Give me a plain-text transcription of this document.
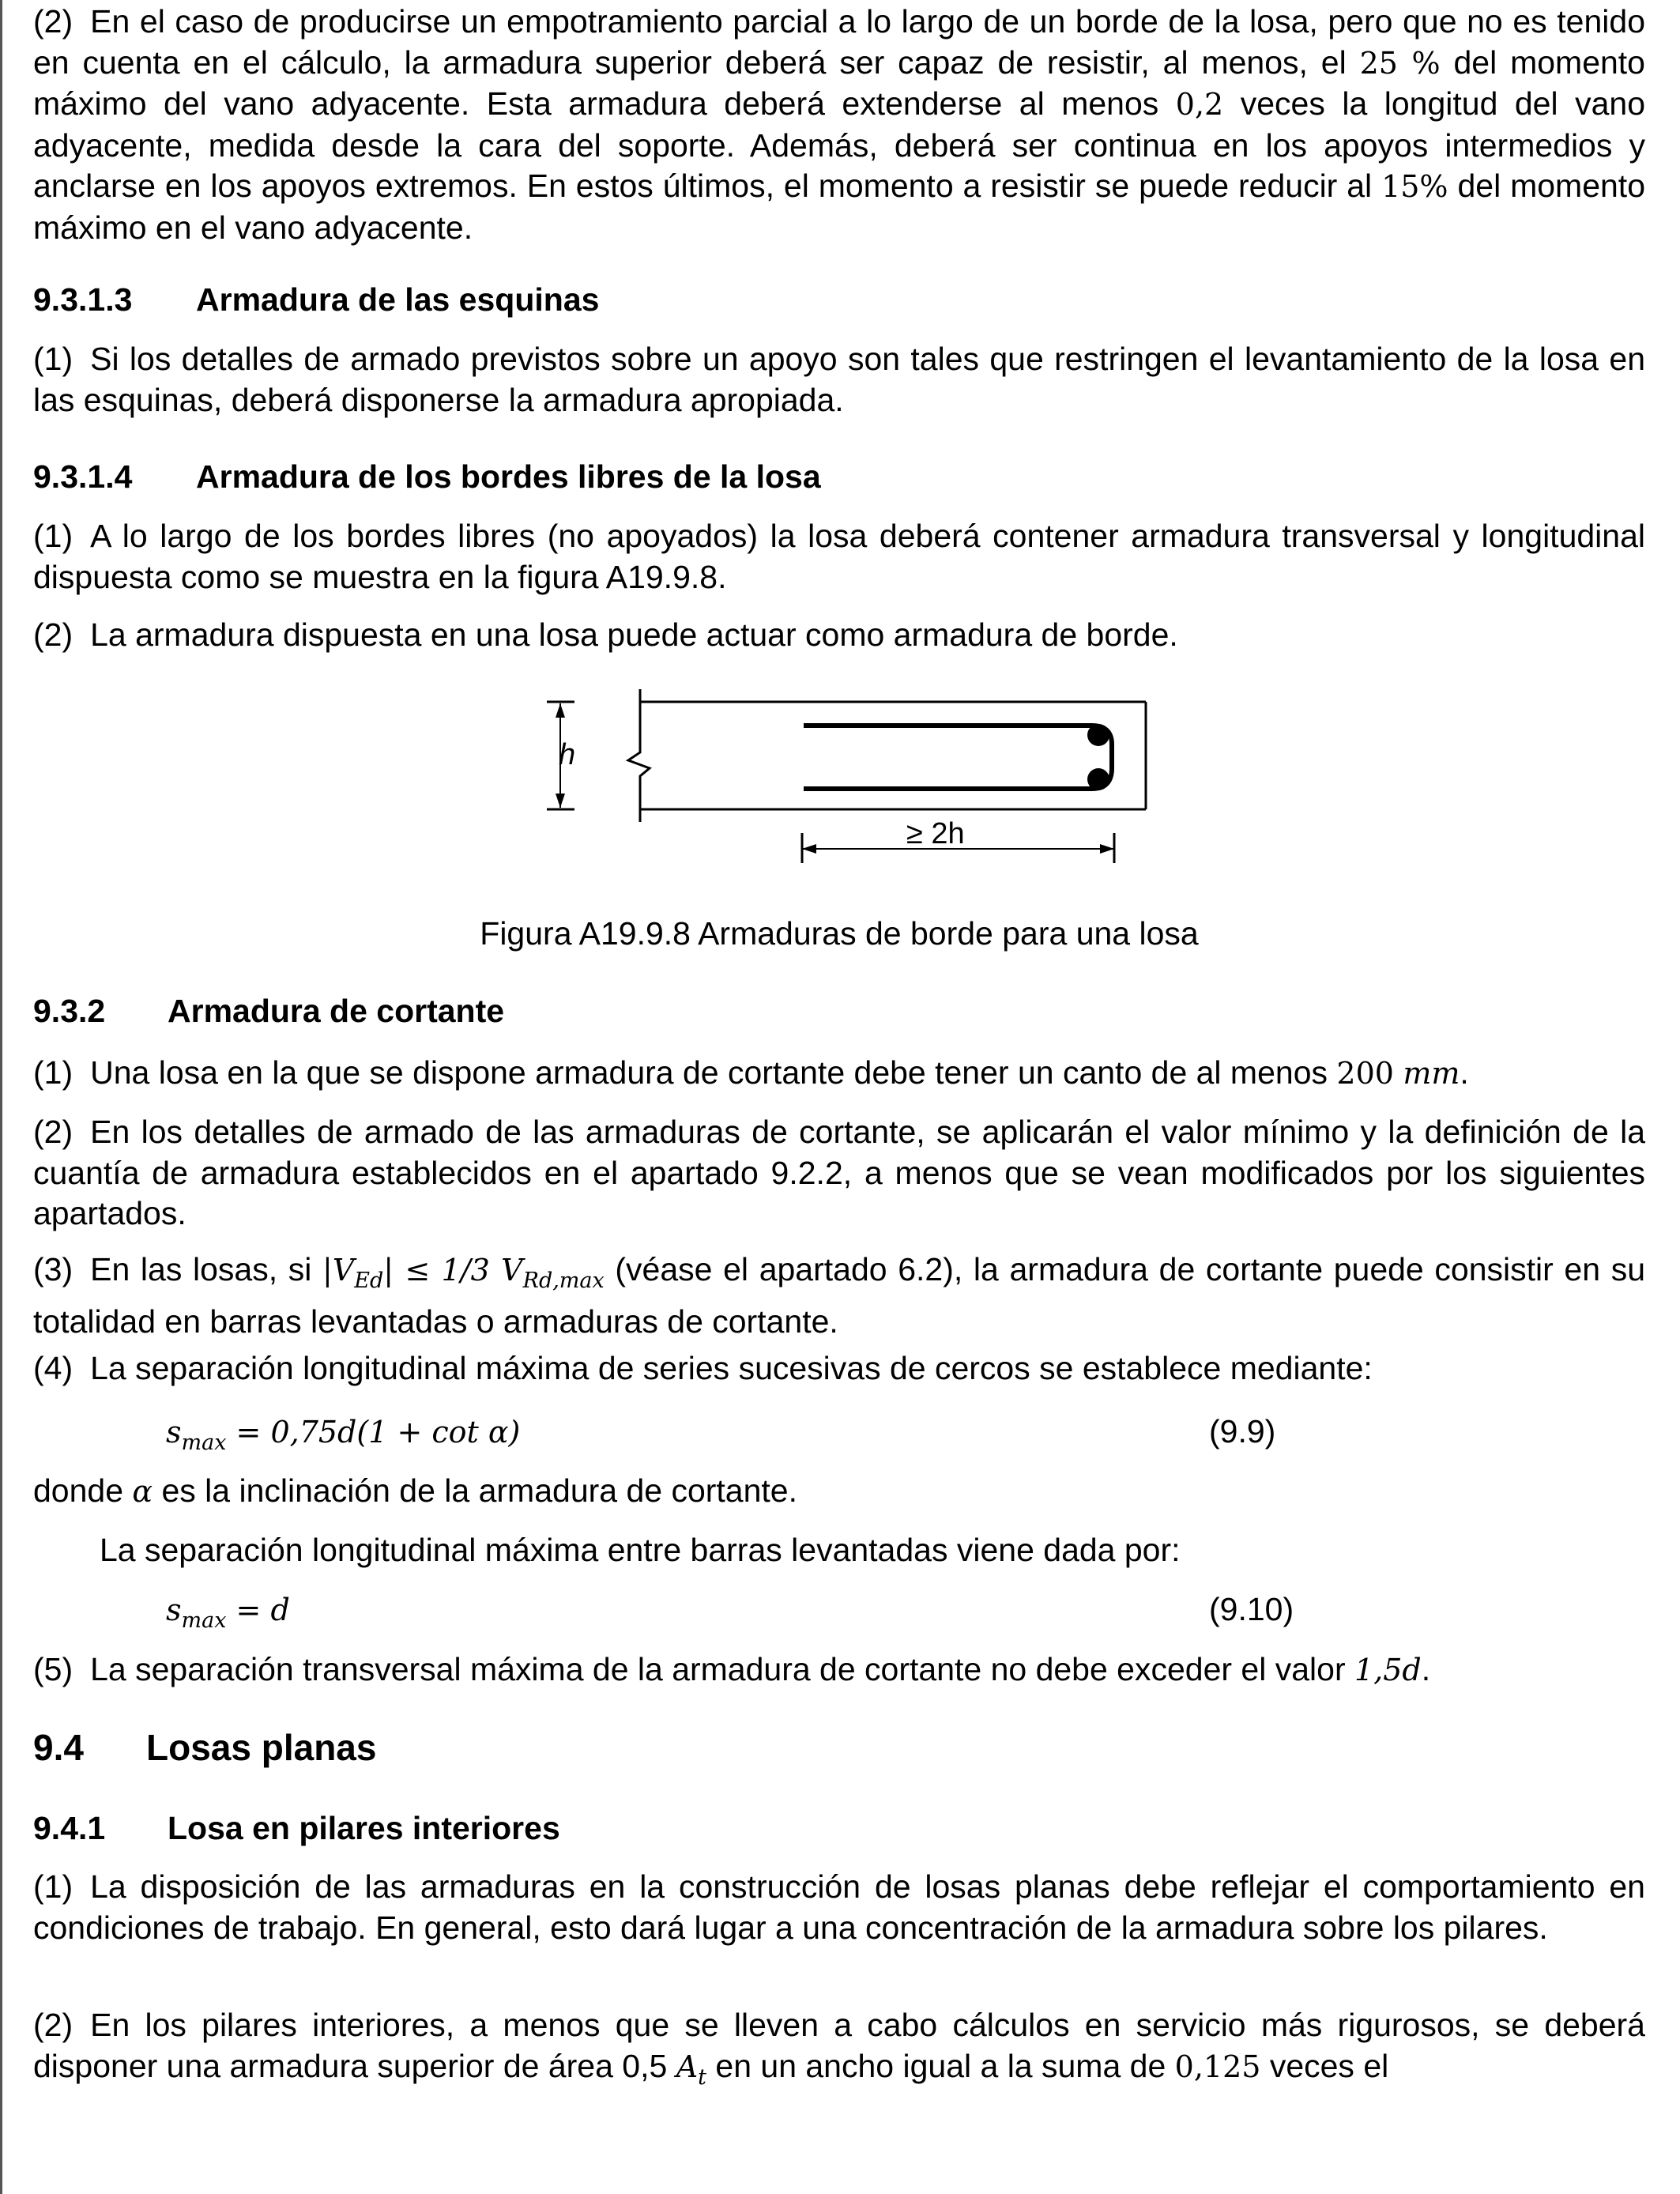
(2) En el caso de producirse un empotramiento parcial a lo largo de un borde de la losa, pero que no es tenido en cuenta en el cálculo, la armadura superior deberá ser capaz de resistir, al menos, el 25 % del momento máximo del vano adyacente. Esta armadura deberá extenderse al menos 0,2 veces la longitud del vano adyacente, medida desde la cara del soporte. Además, deberá ser continua en los apoyos intermedios y anclarse en los apoyos extremos. En estos últimos, el momento a resistir se puede reducir al 15% del momento máximo en el vano adyacente.

9.3.1.3 Armadura de las esquinas

(1) Si los detalles de armado previstos sobre un apoyo son tales que restringen el levantamiento de la losa en las esquinas, deberá disponerse la armadura apropiada.

9.3.1.4 Armadura de los bordes libres de la losa

(1) A lo largo de los bordes libres (no apoyados) la losa deberá contener armadura transversal y longitudinal dispuesta como se muestra en la figura A19.9.8.

(2) La armadura dispuesta en una losa puede actuar como armadura de borde.

h
≥ 2h
Figura A19.9.8 Armaduras de borde para una losa
9.3.2 Armadura de cortante

(1) Una losa en la que se dispone armadura de cortante debe tener un canto de al menos 200 mm.

(2) En los detalles de armado de las armaduras de cortante, se aplicarán el valor mínimo y la definición de la cuantía de armadura establecidos en el apartado 9.2.2, a menos que se vean modificados por los siguientes apartados.

(3) En las losas, si $|V_{Ed}| \le 1/3$ $V_{Rd,max}$ (véase el apartado 6.2), la armadura de cortante puede consistir en su totalidad en barras levantadas o armaduras de cortante.

(4) La separación longitudinal máxima de series sucesivas de cercos se establece mediante:

$s_{max} = 0,75d(1 + \cot \alpha)$	(9.9)

donde α es la inclinación de la armadura de cortante.

La separación longitudinal máxima entre barras levantadas viene dada por:

$s_{max} = d$	(9.10)

(5) La separación transversal máxima de la armadura de cortante no debe exceder el valor 1,5d.

9.4 Losas planas
9.4.1 Losa en pilares interiores

(1) La disposición de las armaduras en la construcción de losas planas debe reflejar el comportamiento en condiciones de trabajo. En general, esto dará lugar a una concentración de la armadura sobre los pilares.

(2) En los pilares interiores, a menos que se lleven a cabo cálculos en servicio más rigurosos, se deberá disponer una armadura superior de área 0,5 $A_t$ en un ancho igual a la suma de 0,125 veces el
